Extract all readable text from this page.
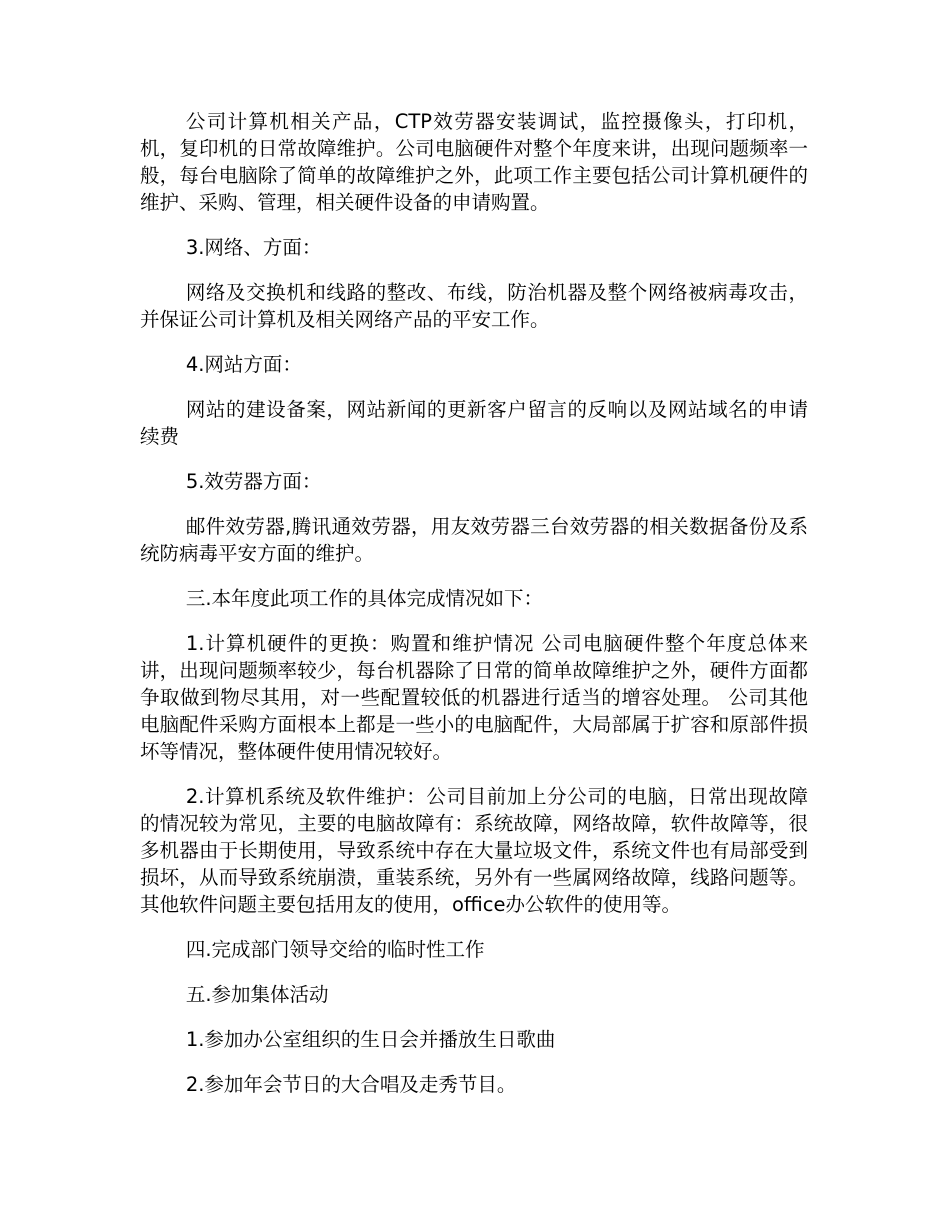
公司计算机相关产品，CTP效劳器安装调试，监控摄像头，打印机，机，复印机的日常故障维护。公司电脑硬件对整个年度来讲，出现问题频率一般，每台电脑除了简单的故障维护之外，此项工作主要包括公司计算机硬件的维护、采购、管理，相关硬件设备的申请购置。

3.网络、方面：

网络及交换机和线路的整改、布线，防治机器及整个网络被病毒攻击，并保证公司计算机及相关网络产品的平安工作。

4.网站方面：

网站的建设备案，网站新闻的更新客户留言的反响以及网站域名的申请续费

5.效劳器方面：

邮件效劳器,腾讯通效劳器，用友效劳器三台效劳器的相关数据备份及系统防病毒平安方面的维护。

三.本年度此项工作的具体完成情况如下：

1.计算机硬件的更换：购置和维护情况 公司电脑硬件整个年度总体来讲，出现问题频率较少，每台机器除了日常的简单故障维护之外，硬件方面都争取做到物尽其用，对一些配置较低的机器进行适当的增容处理。 公司其他电脑配件采购方面根本上都是一些小的电脑配件，大局部属于扩容和原部件损坏等情况，整体硬件使用情况较好。

2.计算机系统及软件维护：公司目前加上分公司的电脑，日常出现故障的情况较为常见，主要的电脑故障有：系统故障，网络故障，软件故障等，很多机器由于长期使用，导致系统中存在大量垃圾文件，系统文件也有局部受到损坏，从而导致系统崩溃，重装系统，另外有一些属网络故障，线路问题等。其他软件问题主要包括用友的使用，office办公软件的使用等。

四.完成部门领导交给的临时性工作

五.参加集体活动

1.参加办公室组织的生日会并播放生日歌曲

2.参加年会节日的大合唱及走秀节目。
